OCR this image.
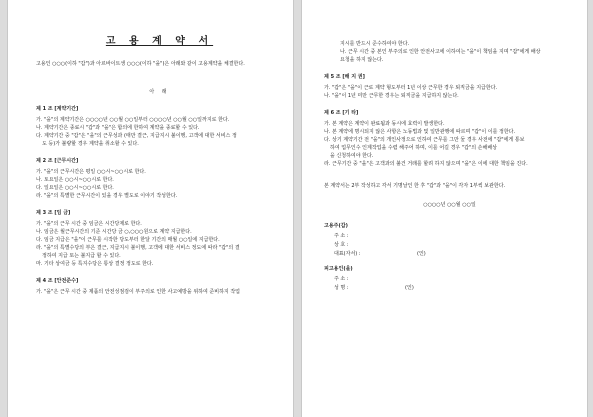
고 용 계 약 서
고용인 ○○○(이하 "갑")과 아르바이트생 ○○○(이하 "을")은 아래와 같이 고용계약을 체결한다.
아 래
제 1 조 [계약기간]
가. "을"의 계약기간은 ○○○○년 ○○월 ○○일부터 ○○○○년 ○○월 ○○일까지로 한다.
나. 계약기간은 종료시 "갑"과 "을"은 합의에 한하여 계약을 종료할 수 있다.
다. 계약기간 중 "갑"은 "을"의 근무성과 (태만 결근, 지급지시 불이행, 고객에 대한 서비스 정
도 등)가 불량할 경우 계약을 취소할 수 있다.
제 2 조 [근무시간]
가. "을"의 근무시간은 평일 ○○시~○○시로 한다.
나. 토요일은 ○○시~○○시로 한다.
다. 일요일은 ○○시~○○시로 한다.
라. "을"의 특별한 근무시간이 있을 경우 별도로 이야기 작성한다.
제 3 조 [임 금]
가. "을"의 근무 시간 중 임금은 시간당제로 한다.
나. 임금은 월근무시간의 기준 시간당 금 ○,○○○원으로 계약 지급한다.
다. 임금 지급은 "을"이 근무를 시작한 당도부터 한달 기간의 매월 ○○일에 지급한다.
라. "을"의 특별수당의 부은 결근, 지급지시 불이행, 고객에 대한 서비스 정도에 따라 "갑"의 결
정하여 지급 또는 불지급 할 수 있다.
마. 기타 상여금 등 특지수당은 통상 결정 정도로 한다.
제 4 조 [안전준수]
가. "을"은 근무 시간 중 제품의 안전성점검이 부주의로 인한 사고예방을 위하여 준비하지 작업
지시를 반드시 준수하여야 한다.
나. 근무 시간 중 본인 부주의로 인한 안전사고에 이하여는 "을"이 책임을 지며 "갑"에게 배상
요청을 하지 않는다.
제 5 조 [해 지 권]
가. "갑"은 "을"이 근로 계약 형도부터 1년 이상 근무한 경우 퇴직금을 지급한다.
나. "을"이 1년 미만 근무한 경우는 퇴직금을 지급하지 않는다.
제 6 조 [기 타]
가. 본 계약은 계약이 완료됨과 동시에 효력이 발생한다.
나. 본 계약에 명시되지 않은 사항은 노동법과 및 일반관행에 따르며 "갑"이 이를 정한다.
다. 상기 계약기간 전 "을"의 개인사정으로 인하여 근무를 그만 둘 경우 사전에 "갑"에게 통보
하여 업무인수 인계작업을 수렴 해주어 하며, 이를 어길 경우 "갑"의 손해배상
을 신청하여야 한다.
라. 근무기간 중 "을"은 고객과의 불건 거래를 할려 하지 않으며 "을"은 이에 대한 책임을 진다.
본 계약서는 2부 작성하고 각서 기명날인 한 후 "갑"과 "을"이 각자 1부씩 보관한다.
○○○○년 ○○월 ○○일
고용주(갑)
주 소 :
상 호 :
대표(자서) :	(인)
피고용인(을)
주 소 :
성 명 :	(인)
